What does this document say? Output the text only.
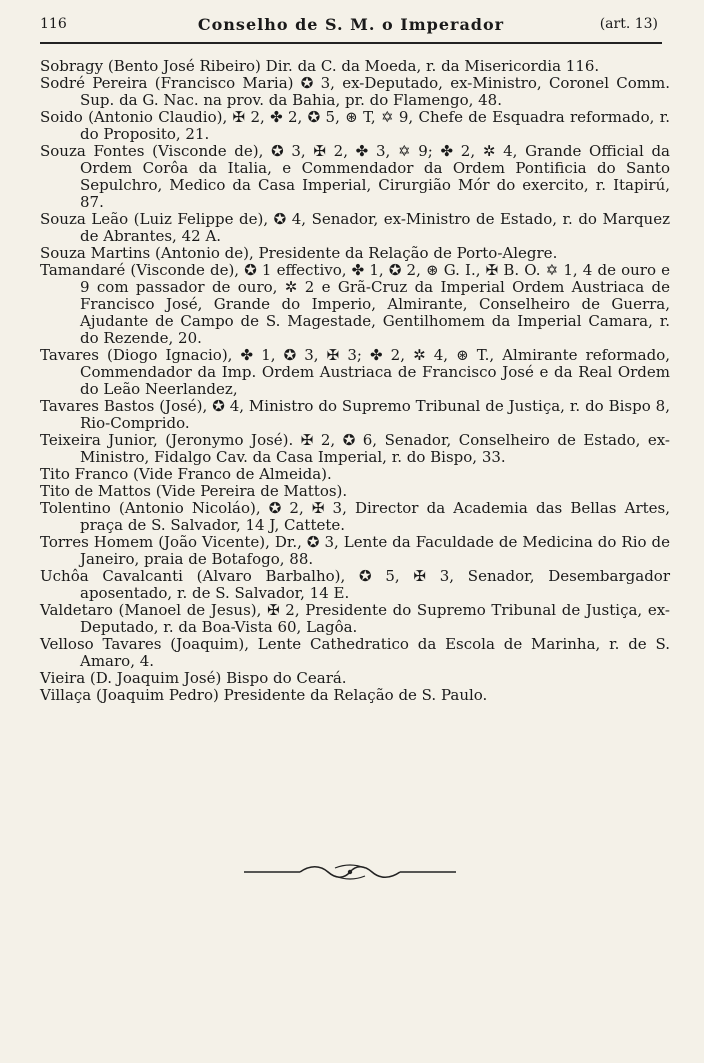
116	Conselho de S. M. o Imperador	(art. 13)

Sobragy (Bento José Ribeiro) Dir. da C. da Moeda, r. da Misericordia 116.

Sodré Pereira (Francisco Maria) ✪ 3, ex-Deputado, ex-Ministro, Coronel Comm. Sup. da G. Nac. na prov. da Bahia, pr. do Flamengo, 48.

Soido (Antonio Claudio), ✠ 2, ✤ 2, ✪ 5, ⊛ T, ✡ 9, Chefe de Esquadra reformado, r. do Proposito, 21.

Souza Fontes (Visconde de), ✪ 3, ✠ 2, ✤ 3, ✡ 9; ✤ 2, ✲ 4, Grande Official da Ordem Corôa da Italia, e Commendador da Ordem Pontificia do Santo Sepulchro, Medico da Casa Imperial, Cirurgião Mór do exercito, r. Itapirú, 87.

Souza Leão (Luiz Felippe de), ✪ 4, Senador, ex-Ministro de Estado, r. do Marquez de Abrantes, 42 A.

Souza Martins (Antonio de), Presidente da Relação de Porto-Alegre.

Tamandaré (Visconde de), ✪ 1 effectivo, ✤ 1, ✪ 2, ⊛ G. I., ✠ B. O. ✡ 1, 4 de ouro e 9 com passador de ouro, ✲ 2 e Grã-Cruz da Imperial Ordem Austriaca de Francisco José, Grande do Imperio, Almirante, Conselheiro de Guerra, Ajudante de Campo de S. Magestade, Gentilhomem da Imperial Camara, r. do Rezende, 20.

Tavares (Diogo Ignacio), ✤ 1, ✪ 3, ✠ 3; ✤ 2, ✲ 4, ⊛ T., Almirante reformado, Commendador da Imp. Ordem Austriaca de Francisco José e da Real Ordem do Leão Neerlandez,

Tavares Bastos (José), ✪ 4, Ministro do Supremo Tribunal de Justiça, r. do Bispo 8, Rio-Comprido.

Teixeira Junior, (Jeronymo José). ✠ 2, ✪ 6, Senador, Conselheiro de Estado, ex-Ministro, Fidalgo Cav. da Casa Imperial, r. do Bispo, 33.

Tito Franco (Vide Franco de Almeida).

Tito de Mattos (Vide Pereira de Mattos).

Tolentino (Antonio Nicoláo), ✪ 2, ✠ 3, Director da Academia das Bellas Artes, praça de S. Salvador, 14 J, Cattete.

Torres Homem (João Vicente), Dr., ✪ 3, Lente da Faculdade de Medicina do Rio de Janeiro, praia de Botafogo, 88.

Uchôa Cavalcanti (Alvaro Barbalho), ✪ 5, ✠ 3, Senador, Desembargador aposentado, r. de S. Salvador, 14 E.

Valdetaro (Manoel de Jesus), ✠ 2, Presidente do Supremo Tribunal de Justiça, ex-Deputado, r. da Boa-Vista 60, Lagôa.

Velloso Tavares (Joaquim), Lente Cathedratico da Escola de Marinha, r. de S. Amaro, 4.

Vieira (D. Joaquim José) Bispo do Ceará.

Villaça (Joaquim Pedro) Presidente da Relação de S. Paulo.
